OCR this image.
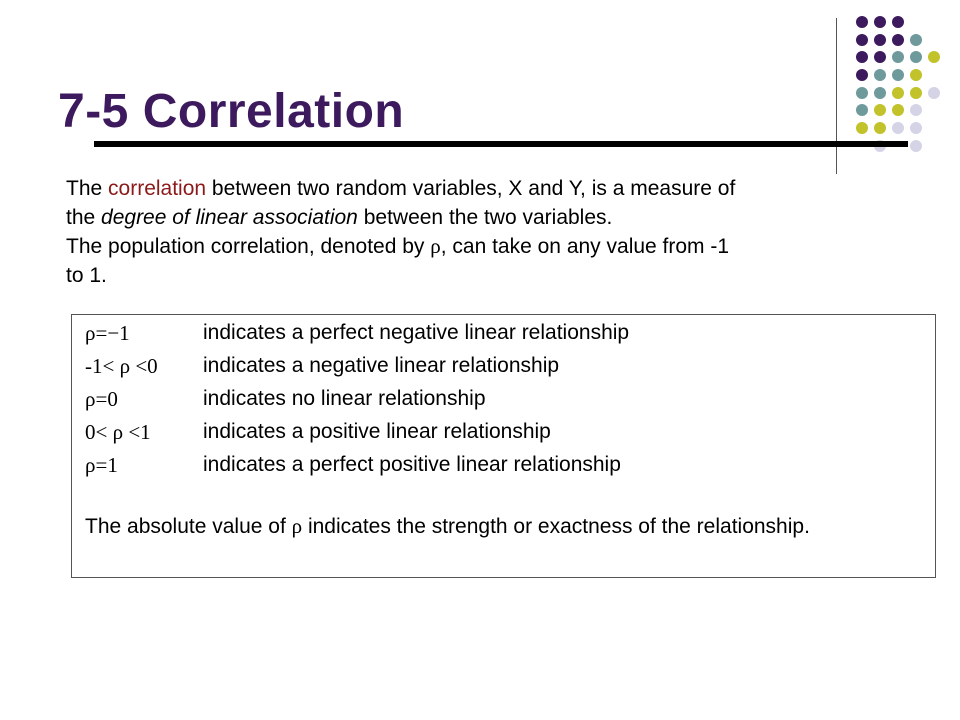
7-5 Correlation
The correlation between two random variables, X and Y, is a measure of
the degree of linear association between the two variables.
The population correlation, denoted by ρ, can take on any value from -1
to 1.
ρ=−1	indicates a perfect negative linear relationship
-1< ρ <0	indicates a negative linear relationship
ρ=0	indicates no linear relationship
0< ρ <1	indicates a positive linear relationship
ρ=1	indicates a perfect positive linear relationship
The absolute value of ρ indicates the strength or exactness of the relationship.
